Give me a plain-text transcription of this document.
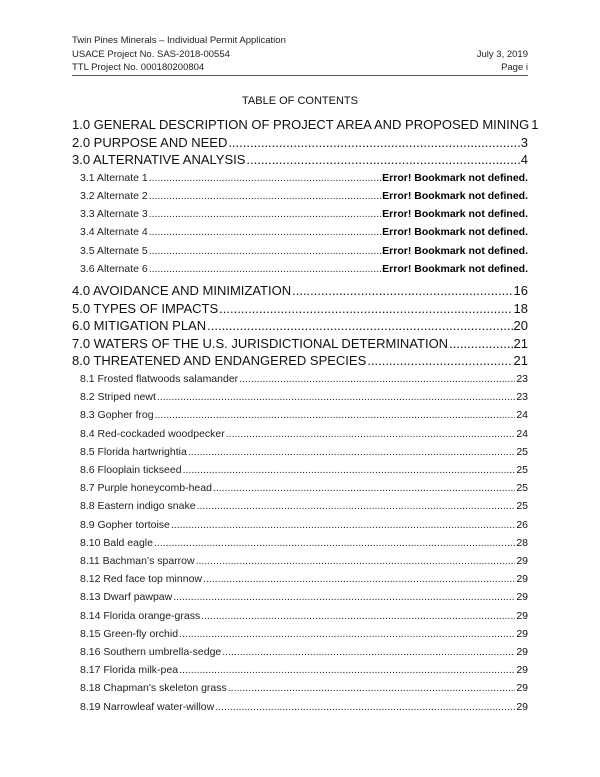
Twin Pines Minerals – Individual Permit Application
USACE Project No. SAS-2018-00554	July 3, 2019
TTL Project No. 000180200804	Page i
TABLE OF CONTENTS
1.0 GENERAL DESCRIPTION OF PROJECT AREA AND PROPOSED MINING 1
2.0 PURPOSE AND NEED .....	3
3.0 ALTERNATIVE ANALYSIS .....	4
3.1 Alternate 1 .....	Error! Bookmark not defined.
3.2 Alternate 2 .....	Error! Bookmark not defined.
3.3 Alternate 3 .....	Error! Bookmark not defined.
3.4 Alternate 4 .....	Error! Bookmark not defined.
3.5 Alternate 5 .....	Error! Bookmark not defined.
3.6 Alternate 6 .....	Error! Bookmark not defined.
4.0 AVOIDANCE AND MINIMIZATION .....	16
5.0 TYPES OF IMPACTS .....	18
6.0 MITIGATION PLAN .....	20
7.0 WATERS OF THE U.S. JURISDICTIONAL DETERMINATION .....	21
8.0 THREATENED AND ENDANGERED SPECIES .....	21
8.1 Frosted flatwoods salamander .....	23
8.2 Striped newt .....	23
8.3 Gopher frog .....	24
8.4 Red-cockaded woodpecker .....	24
8.5 Florida hartwrightia .....	25
8.6 Flooplain tickseed .....	25
8.7 Purple honeycomb-head .....	25
8.8 Eastern indigo snake .....	25
8.9 Gopher tortoise .....	26
8.10 Bald eagle .....	28
8.11 Bachman’s sparrow .....	29
8.12 Red face top minnow .....	29
8.13 Dwarf pawpaw .....	29
8.14 Florida orange-grass .....	29
8.15 Green-fly orchid .....	29
8.16 Southern umbrella-sedge .....	29
8.17 Florida milk-pea .....	29
8.18 Chapman's skeleton grass .....	29
8.19 Narrowleaf water-willow .....	29
